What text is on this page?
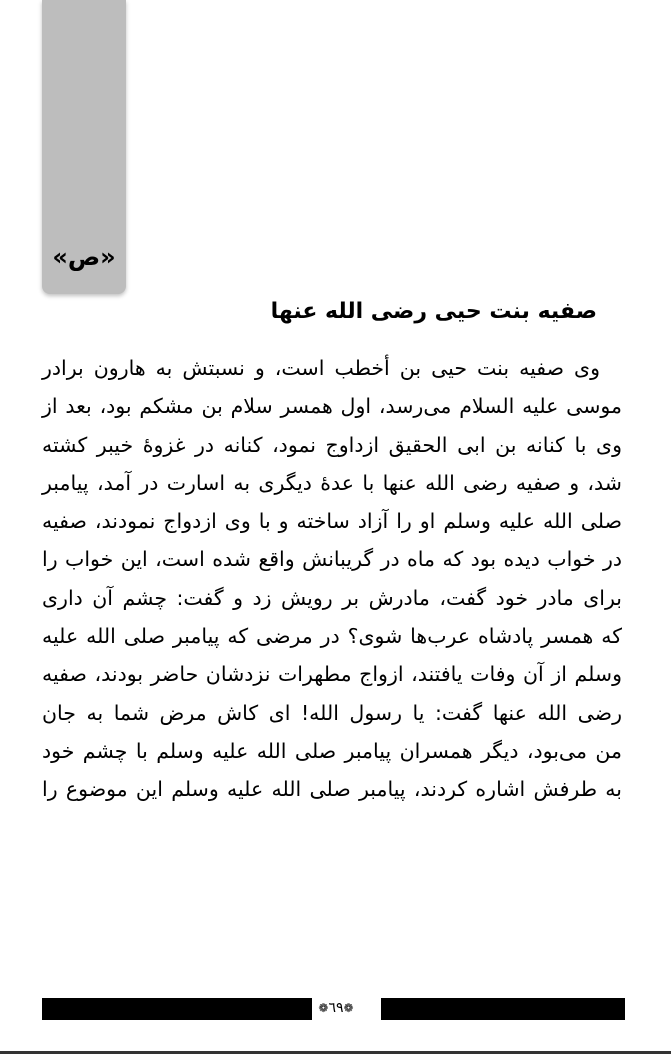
«ص»
صفیه بنت حیی رضی الله عنها
وی صفیه بنت حیی بن أخطب است، و نسبتش به هارون برادر
موسی علیه السلام می‌رسد، اول همسر سلام بن مشکم بود، بعد از
وی با کنانه بن ابی الحقیق ازداوج نمود، کنانه در غزوۀ خیبر کشته
شد، و صفیه رضی الله عنها با عدۀ دیگری به اسارت در آمد، پیامبر
صلی الله علیه وسلم او را آزاد ساخته و با وی ازدواج نمودند، صفیه
در خواب دیده بود که ماه در گریبانش واقع شده است، این خواب را
برای مادر خود گفت، مادرش بر رویش زد و گفت: چشم آن داری
که همسر پادشاه عرب‌ها شوی؟ در مرضی که پیامبر صلی الله علیه
وسلم از آن وفات یافتند، ازواج مطهرات نزدشان حاضر بودند، صفیه
رضی الله عنها گفت: یا رسول الله! ای کاش مرض شما به جان
من می‌بود، دیگر همسران پیامبر صلی الله علیه وسلم با چشم خود
به طرفش اشاره کردند، پیامبر صلی الله علیه وسلم این موضوع را
❁٦٩❁
